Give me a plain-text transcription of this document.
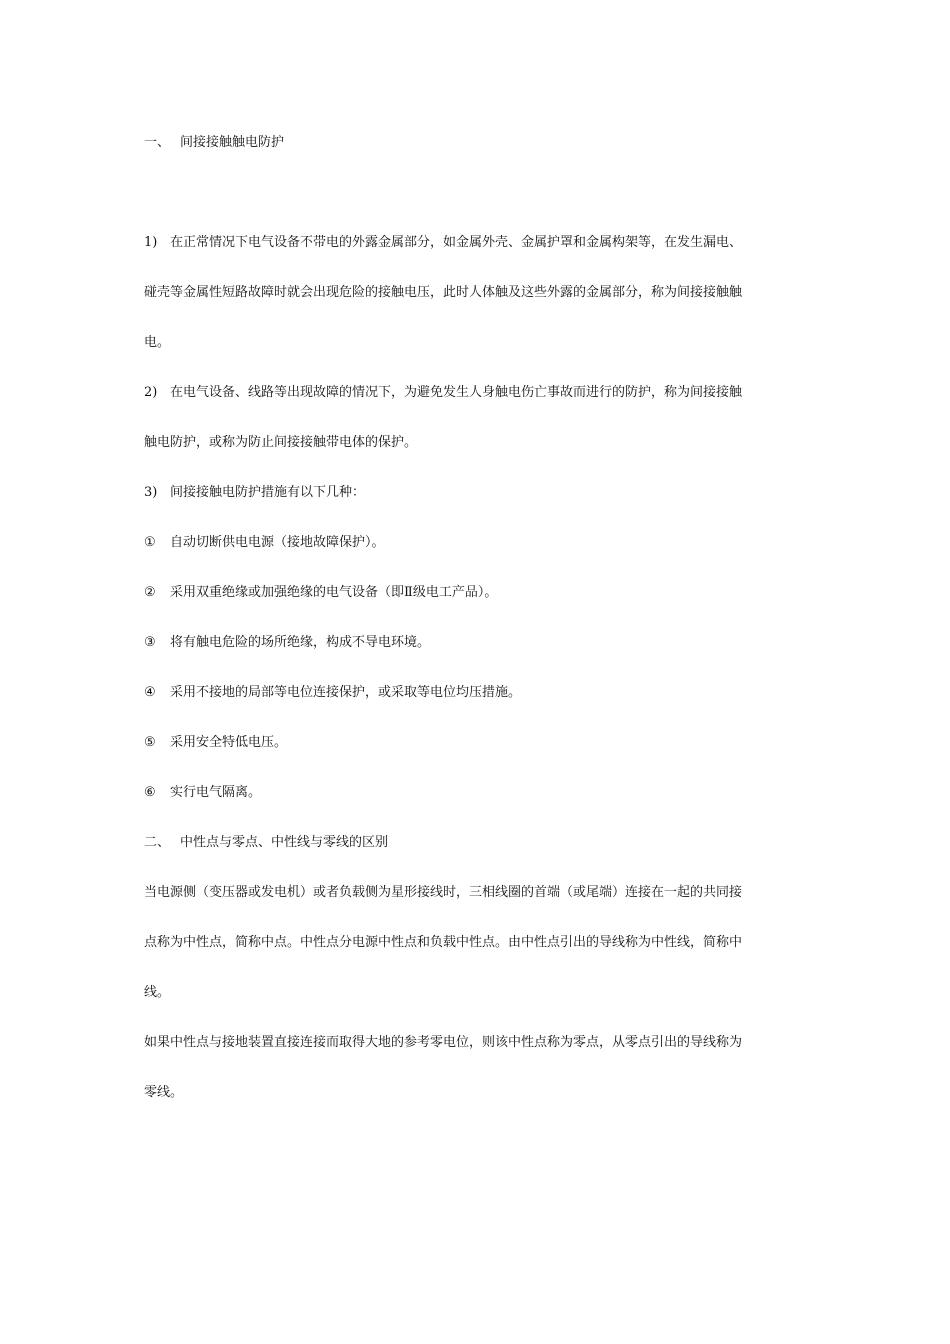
一、 间接接触触电防护
1) 在正常情况下电气设备不带电的外露金属部分，如金属外壳、金属护罩和金属构架等，在发生漏电、
碰壳等金属性短路故障时就会出现危险的接触电压，此时人体触及这些外露的金属部分，称为间接接触触
电。
2) 在电气设备、线路等出现故障的情况下，为避免发生人身触电伤亡事故而进行的防护，称为间接接触
触电防护，或称为防止间接接触带电体的保护。
3) 间接接触电防护措施有以下几种：
① 自动切断供电电源（接地故障保护）。
② 采用双重绝缘或加强绝缘的电气设备（即Ⅱ级电工产品）。
③ 将有触电危险的场所绝缘，构成不导电环境。
④ 采用不接地的局部等电位连接保护，或采取等电位均压措施。
⑤ 采用安全特低电压。
⑥ 实行电气隔离。
二、 中性点与零点、中性线与零线的区别
当电源侧（变压器或发电机）或者负载侧为星形接线时，三相线圈的首端（或尾端）连接在一起的共同接
点称为中性点，简称中点。中性点分电源中性点和负载中性点。由中性点引出的导线称为中性线，简称中
线。
如果中性点与接地装置直接连接而取得大地的参考零电位，则该中性点称为零点，从零点引出的导线称为
零线。
